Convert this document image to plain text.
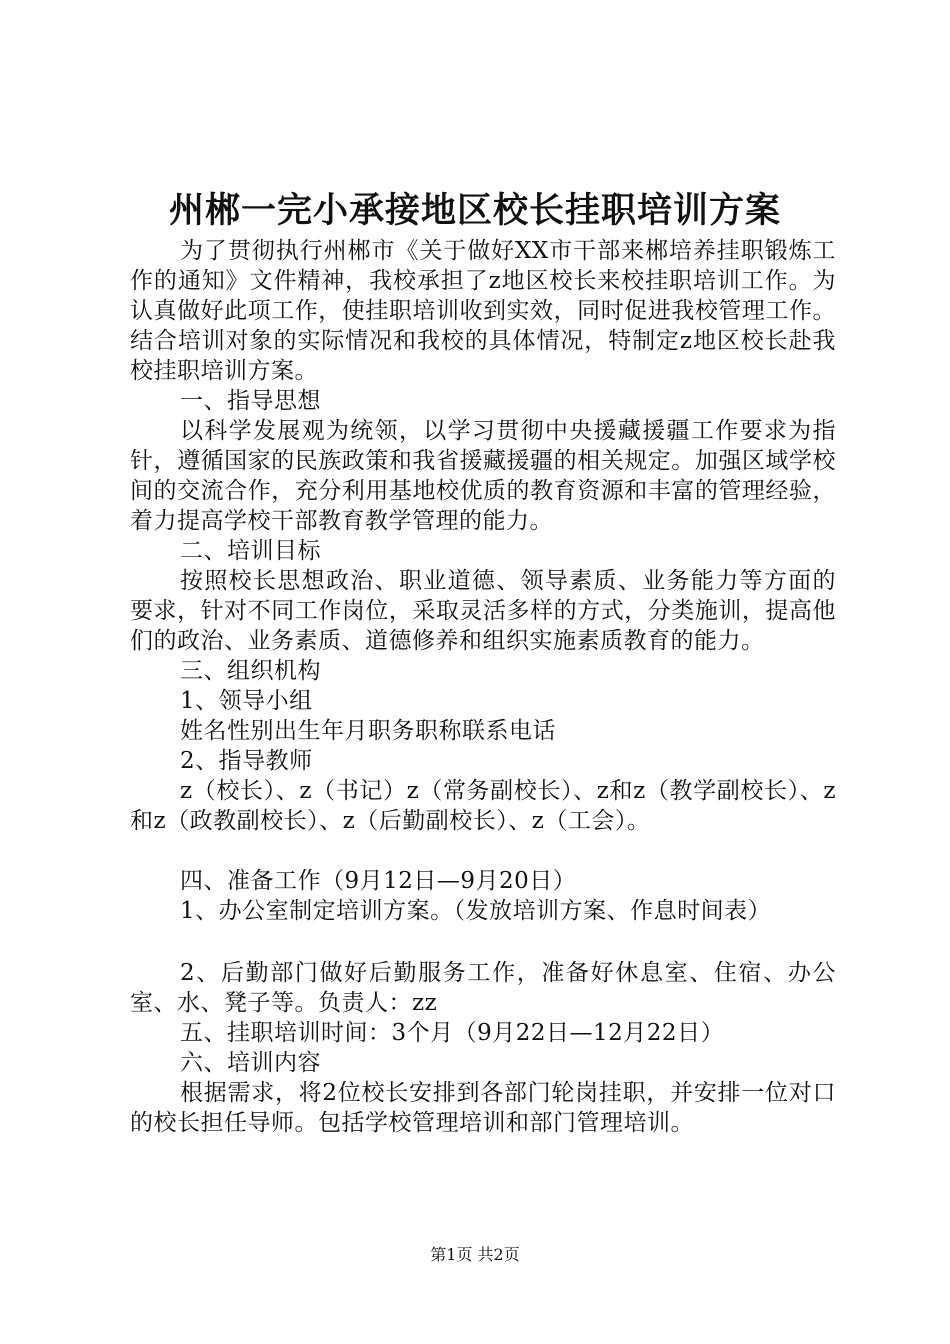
州郴一完小承接地区校长挂职培训方案

为了贯彻执行州郴市《关于做好XX市干部来郴培养挂职锻炼工作的通知》文件精神，我校承担了z地区校长来校挂职培训工作。为认真做好此项工作，使挂职培训收到实效，同时促进我校管理工作。结合培训对象的实际情况和我校的具体情况，特制定z地区校长赴我校挂职培训方案。

一、指导思想

以科学发展观为统领，以学习贯彻中央援藏援疆工作要求为指针，遵循国家的民族政策和我省援藏援疆的相关规定。加强区域学校间的交流合作，充分利用基地校优质的教育资源和丰富的管理经验，着力提高学校干部教育教学管理的能力。

二、培训目标

按照校长思想政治、职业道德、领导素质、业务能力等方面的要求，针对不同工作岗位，采取灵活多样的方式，分类施训，提高他们的政治、业务素质、道德修养和组织实施素质教育的能力。

三、组织机构

1、领导小组

姓名性别出生年月职务职称联系电话

2、指导教师

z（校长）、z（书记）z（常务副校长）、z和z（教学副校长）、z和z（政教副校长）、z（后勤副校长）、z（工会）。

四、准备工作（9月12日—9月20日）

1、办公室制定培训方案。（发放培训方案、作息时间表）

2、后勤部门做好后勤服务工作，准备好休息室、住宿、办公室、水、凳子等。负责人：zz

五、挂职培训时间：3个月（9月22日—12月22日）

六、培训内容

根据需求，将2位校长安排到各部门轮岗挂职，并安排一位对口的校长担任导师。包括学校管理培训和部门管理培训。

第1页 共2页
